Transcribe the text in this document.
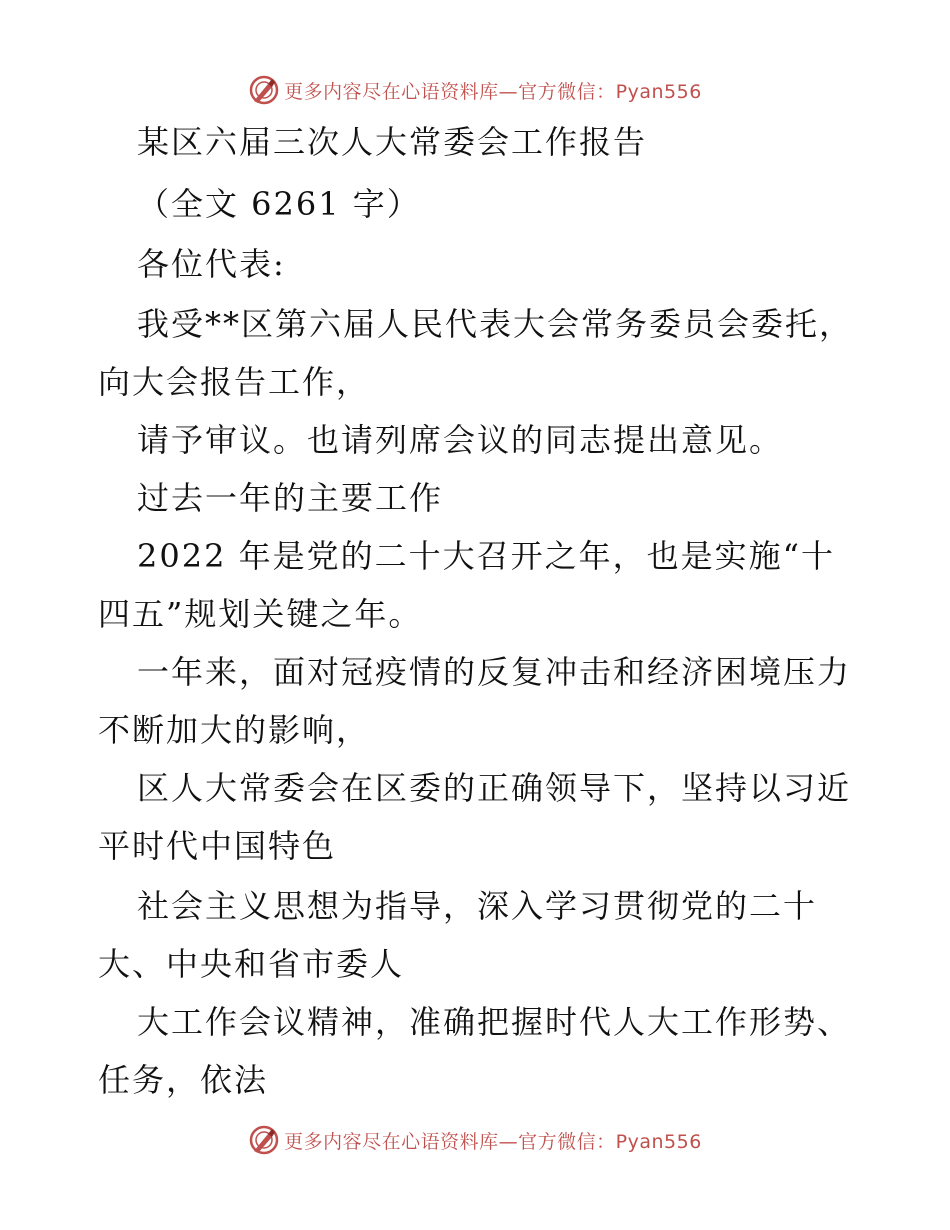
更多内容尽在心语资料库—官方微信：Pyan556
某区六届三次人大常委会工作报告
（全文 6261 字）
各位代表:
我受**区第六届人民代表大会常务委员会委托，
向大会报告工作，
请予审议。也请列席会议的同志提出意见。
过去一年的主要工作
2022 年是党的二十大召开之年，也是实施“十
四五”规划关键之年。
一年来，面对冠疫情的反复冲击和经济困境压力
不断加大的影响，
区人大常委会在区委的正确领导下，坚持以习近
平时代中国特色
社会主义思想为指导，深入学习贯彻党的二十
大、中央和省市委人
大工作会议精神，准确把握时代人大工作形势、
任务，依法
更多内容尽在心语资料库—官方微信：Pyan556
